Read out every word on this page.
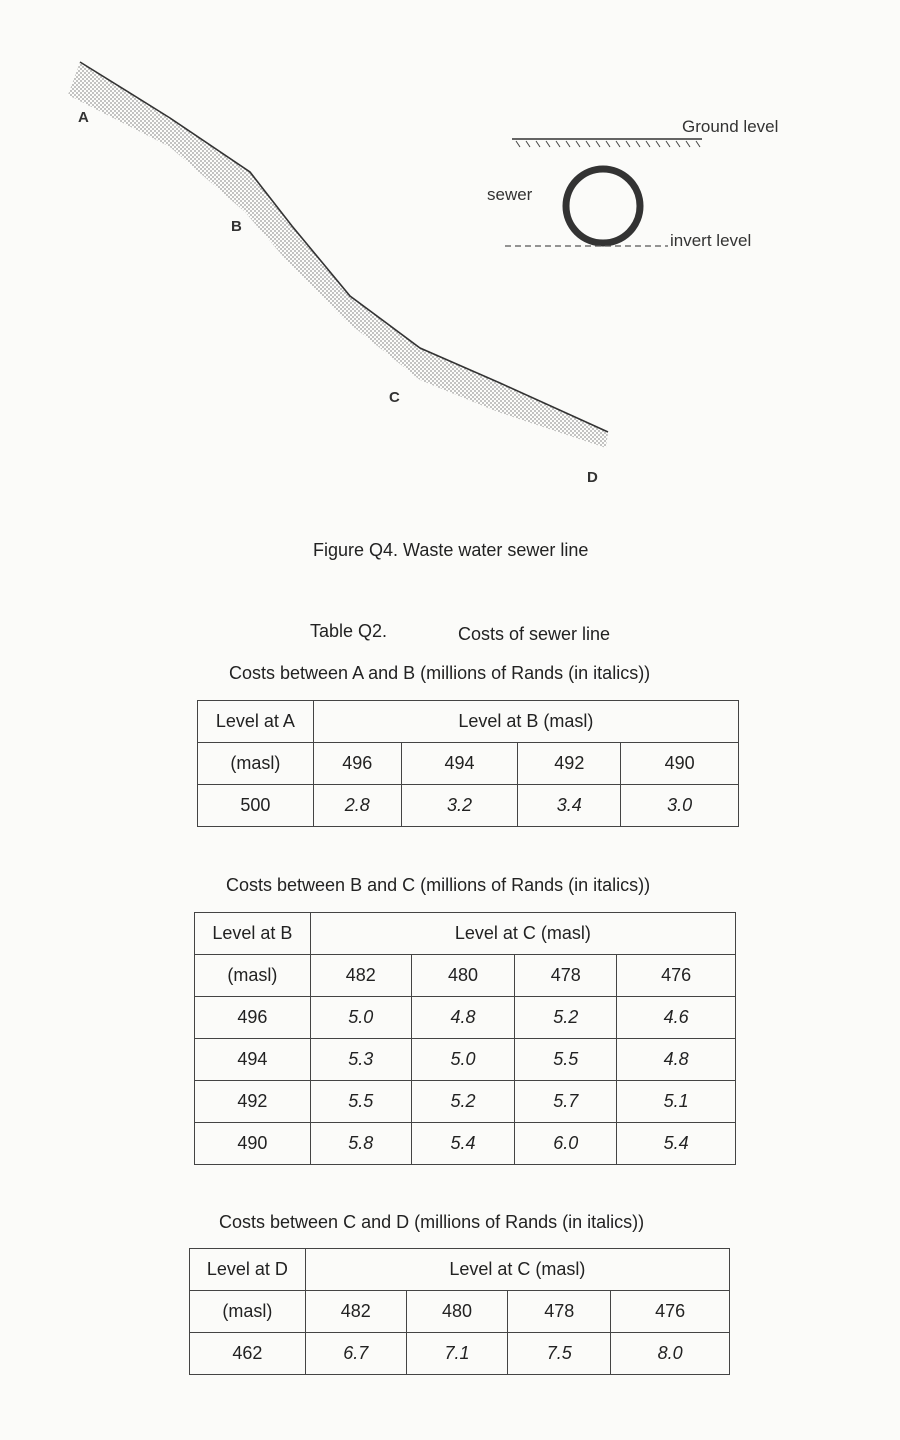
A
B
C
D
Ground level
sewer
invert level
Figure Q4. Waste water sewer line
Table Q2.	Costs of sewer line
Costs between A and B (millions of Rands (in italics))
Level at A	Level at B (masl)			
(masl)	496	494	492	490
500	2.8	3.2	3.4	3.0
Costs between B and C (millions of Rands (in italics))
Level at B	Level at C (masl)			
(masl)	482	480	478	476
496	5.0	4.8	5.2	4.6
494	5.3	5.0	5.5	4.8
492	5.5	5.2	5.7	5.1
490	5.8	5.4	6.0	5.4
Costs between C and D (millions of Rands (in italics))
Level at D	Level at C (masl)			
(masl)	482	480	478	476
462	6.7	7.1	7.5	8.0
